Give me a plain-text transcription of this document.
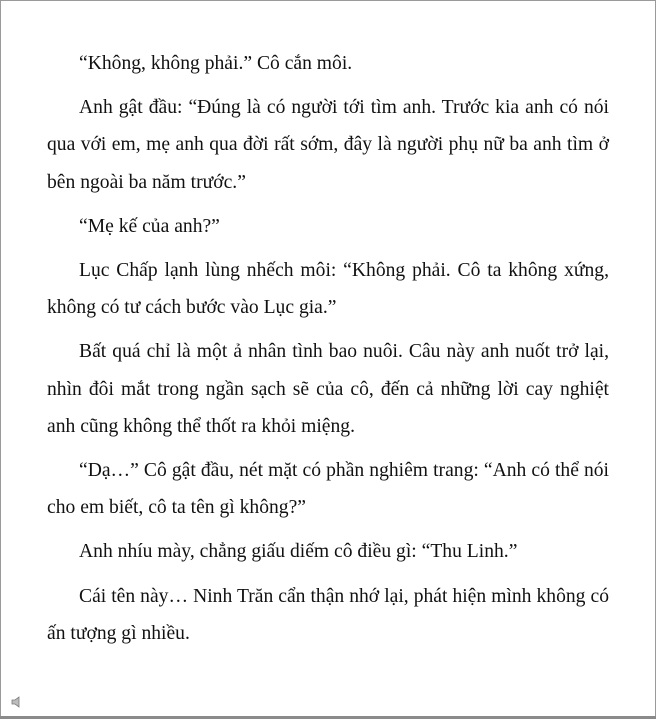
“Không, không phải.” Cô cắn môi.

Anh gật đầu: “Đúng là có người tới tìm anh. Trước kia anh có nói qua với em, mẹ anh qua đời rất sớm, đây là người phụ nữ ba anh tìm ở bên ngoài ba năm trước.”

“Mẹ kế của anh?”

Lục Chấp lạnh lùng nhếch môi: “Không phải. Cô ta không xứng, không có tư cách bước vào Lục gia.”

Bất quá chỉ là một ả nhân tình bao nuôi. Câu này anh nuốt trở lại, nhìn đôi mắt trong ngần sạch sẽ của cô, đến cả những lời cay nghiệt anh cũng không thể thốt ra khỏi miệng.

“Dạ…” Cô gật đầu, nét mặt có phần nghiêm trang: “Anh có thể nói cho em biết, cô ta tên gì không?”

Anh nhíu mày, chẳng giấu diếm cô điều gì: “Thu Linh.”

Cái tên này… Ninh Trăn cẩn thận nhớ lại, phát hiện mình không có ấn tượng gì nhiều.
